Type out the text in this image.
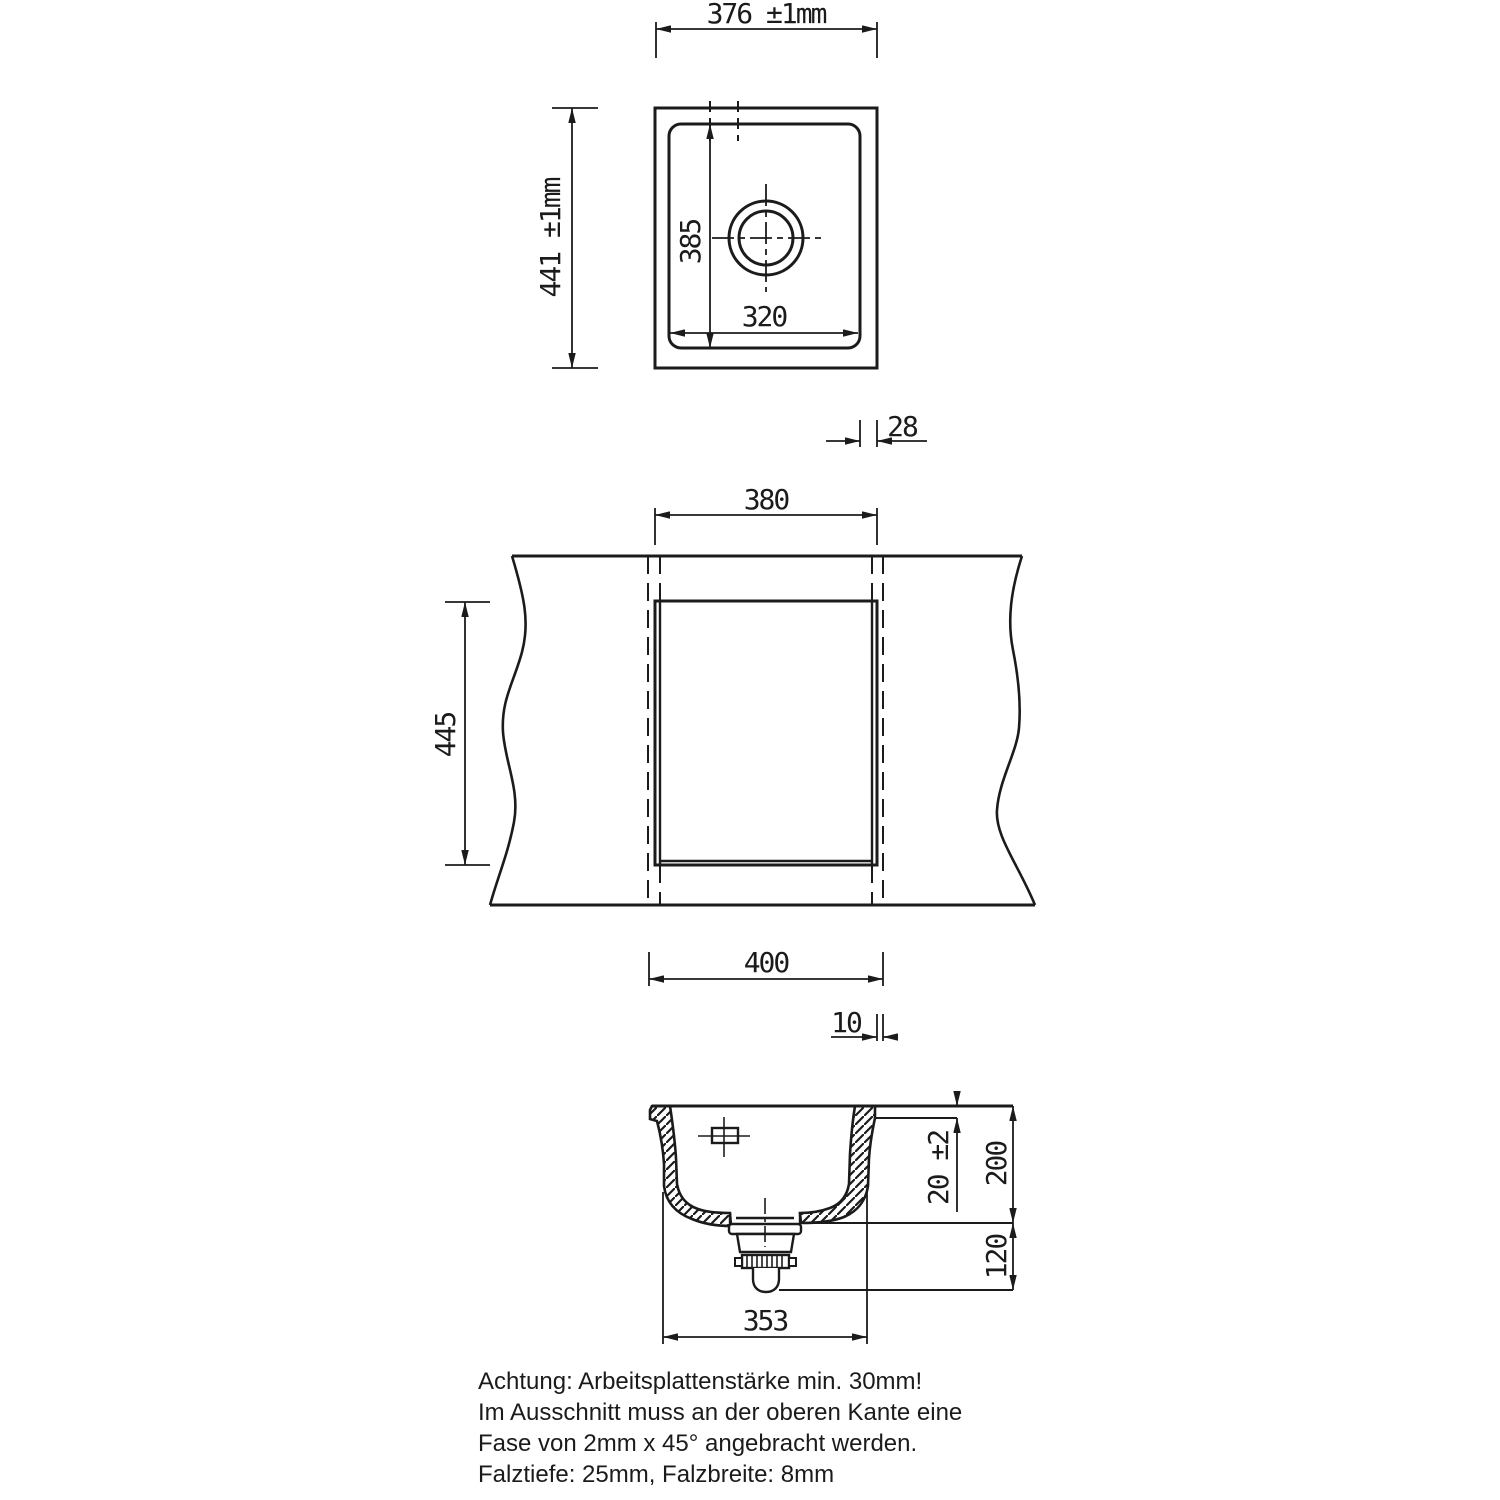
376 ±1mm
441 ±1mm	385
320
28
380
445
400
10
20 ±2 200
120
353
Achtung: Arbeitsplattenstärke min. 30mm!
Im Ausschnitt muss an der oberen Kante eine
Fase von 2mm x 45° angebracht werden.
Falztiefe: 25mm, Falzbreite: 8mm
